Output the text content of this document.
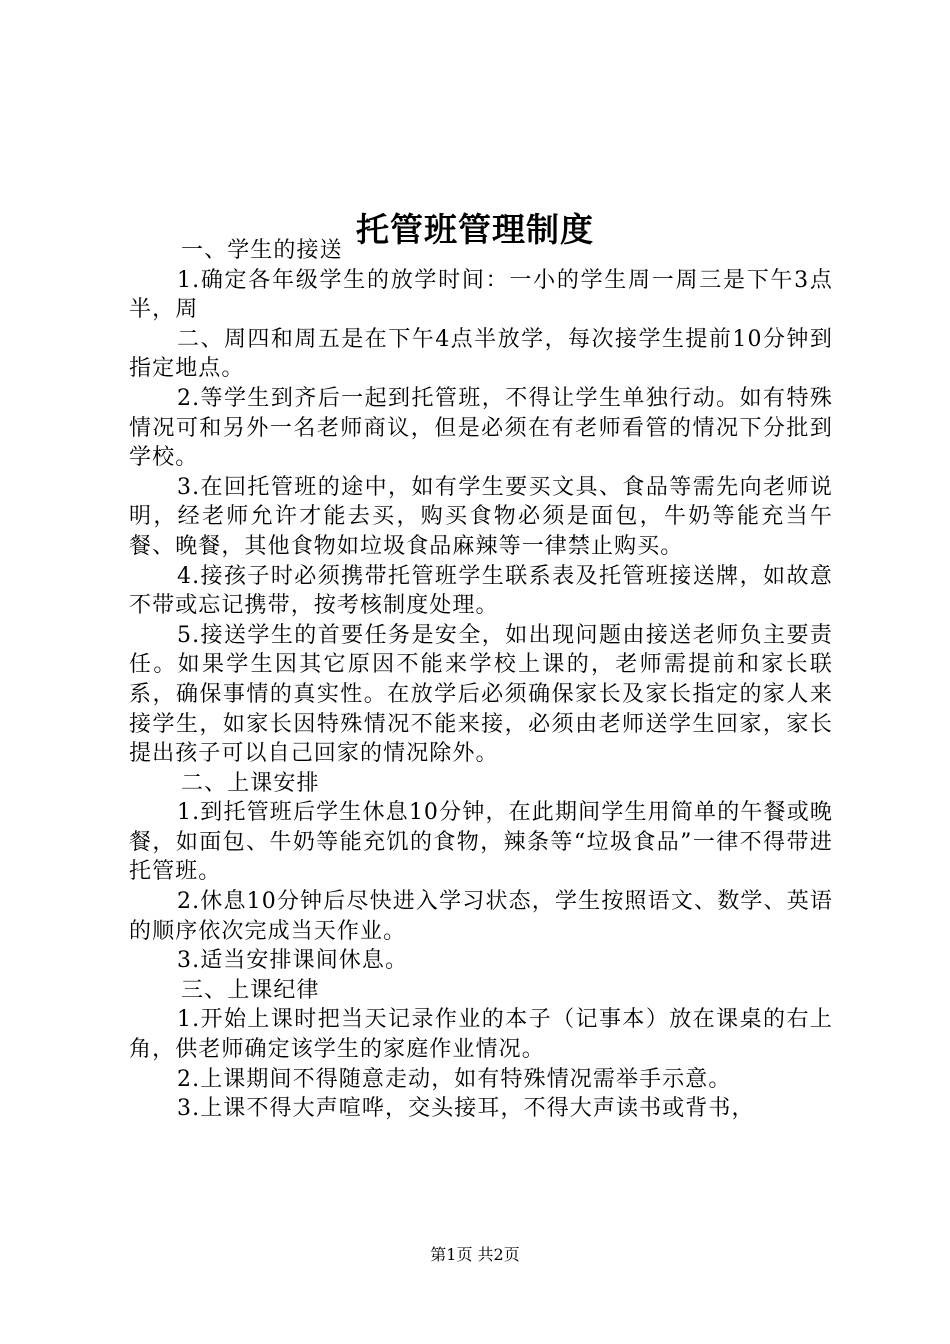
托管班管理制度

一、学生的接送

1.确定各年级学生的放学时间：一小的学生周一周三是下午3点半，周

二、周四和周五是在下午4点半放学，每次接学生提前10分钟到指定地点。

2.等学生到齐后一起到托管班，不得让学生单独行动。如有特殊情况可和另外一名老师商议，但是必须在有老师看管的情况下分批到学校。

3.在回托管班的途中，如有学生要买文具、食品等需先向老师说明，经老师允许才能去买，购买食物必须是面包，牛奶等能充当午餐、晚餐，其他食物如垃圾食品麻辣等一律禁止购买。

4.接孩子时必须携带托管班学生联系表及托管班接送牌，如故意不带或忘记携带，按考核制度处理。

5.接送学生的首要任务是安全，如出现问题由接送老师负主要责任。如果学生因其它原因不能来学校上课的，老师需提前和家长联系，确保事情的真实性。在放学后必须确保家长及家长指定的家人来接学生，如家长因特殊情况不能来接，必须由老师送学生回家，家长提出孩子可以自己回家的情况除外。

二、上课安排

1.到托管班后学生休息10分钟，在此期间学生用简单的午餐或晚餐，如面包、牛奶等能充饥的食物，辣条等“垃圾食品”一律不得带进托管班。

2.休息10分钟后尽快进入学习状态，学生按照语文、数学、英语的顺序依次完成当天作业。

3.适当安排课间休息。

三、上课纪律

1.开始上课时把当天记录作业的本子（记事本）放在课桌的右上角，供老师确定该学生的家庭作业情况。

2.上课期间不得随意走动，如有特殊情况需举手示意。

3.上课不得大声喧哗，交头接耳，不得大声读书或背书，

第1页 共2页
